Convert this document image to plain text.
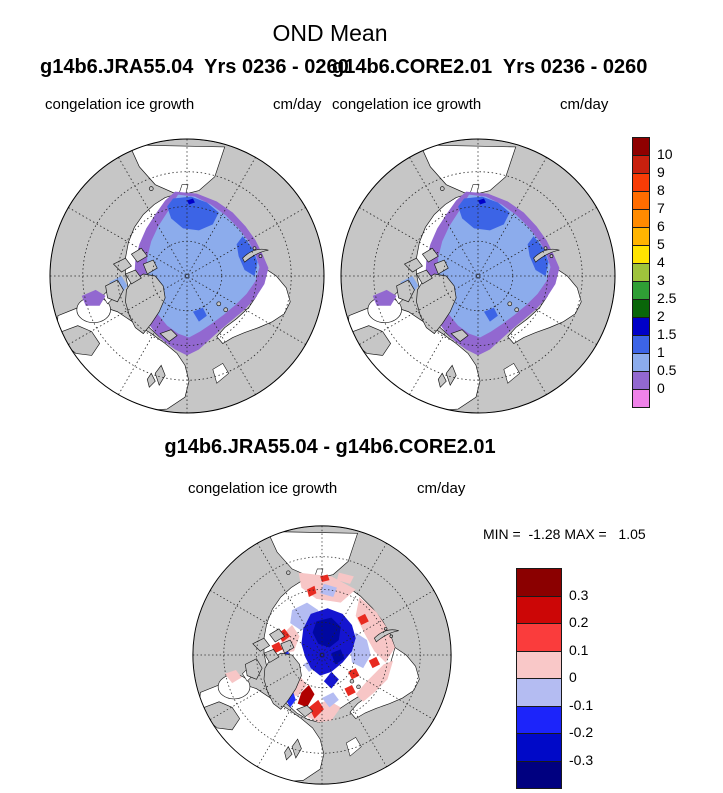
OND Mean
g14b6.JRA55.04  Yrs 0236 - 0260
g14b6.CORE2.01  Yrs 0236 - 0260
congelation ice growth	cm/day congelation ice growth	cm/day
10
9
8
7
6
5
4
3
2.5
2
1.5
1
0.5
0
g14b6.JRA55.04 - g14b6.CORE2.01
congelation ice growth	cm/day
MIN =  -1.28 MAX =   1.05
0.3
0.2
0.1
0
-0.1
-0.2
-0.3
